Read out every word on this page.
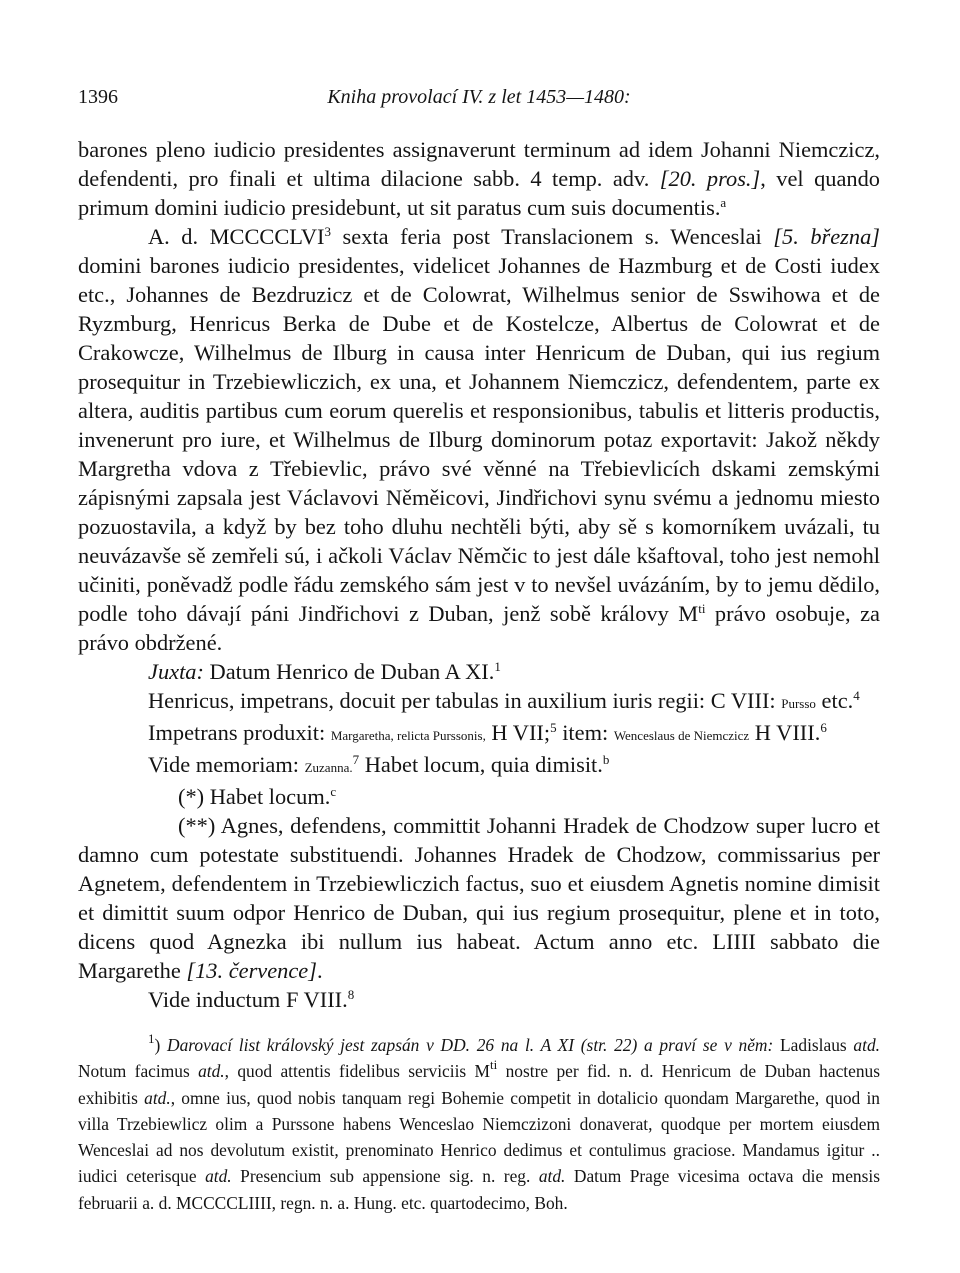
1396	Kniha provolací IV. z let 1453—1480:

barones pleno iudicio presidentes assignaverunt terminum ad idem Johanni Niemczicz, defendenti, pro finali et ultima dilacione sabb. 4 temp. adv. [20. pros.], vel quando primum domini iudicio presidebunt, ut sit paratus cum suis documentis.$^a$

A. d. MCCCCLVI$^3$ sexta feria post Translacionem s. Wenceslai [5. března] domini barones iudicio presidentes, videlicet Johannes de Hazmburg et de Costi iudex etc., Johannes de Bezdruzicz et de Colowrat, Wilhelmus senior de Sswihowa et de Ryzmburg, Henricus Berka de Dube et de Kostelcze, Albertus de Colowrat et de Crakowcze, Wilhelmus de Ilburg in causa inter Henricum de Duban, qui ius regium prosequitur in Trzebiewliczich, ex una, et Johannem Niemczicz, defendentem, parte ex altera, auditis partibus cum eorum querelis et responsionibus, tabulis et litteris productis, invenerunt pro iure, et Wilhelmus de Ilburg dominorum potaz exportavit: Jakož někdy Margretha vdova z Třebievlic, právo své věnné na Třebievlicích dskami zemskými zápisnými zapsala jest Václavovi Něměicovi, Jindřichovi synu svému a jednomu miesto pozuostavila, a když by bez toho dluhu nechtěli býti, aby sě s komorníkem uvázali, tu neuvázavše sě zemřeli sú, i ačkoli Václav Němčic to jest dále kšaftoval, toho jest nemohl učiniti, poněvadž podle řádu zemského sám jest v to nevšel uvázáním, by to jemu dědilo, podle toho dávají páni Jindřichovi z Duban, jenž sobě královy $M^{ti}$ právo osobuje, za právo obdržené.

Juxta: Datum Henrico de Duban A XI.$^1$

Henricus, impetrans, docuit per tabulas in auxilium iuris regii: C VIII: Pursso etc.$^4$

Impetrans produxit: Margaretha, relicta Purssonis, H VII;$^5$ item: Wenceslaus de Niemczicz H VIII.$^6$

Vide memoriam: Zuzanna.$^7$ Habet locum, quia dimisit.$^b$

(*) Habet locum.$^c$

(**) Agnes, defendens, committit Johanni Hradek de Chodzow super lucro et damno cum potestate substituendi. Johannes Hradek de Chodzow, commissarius per Agnetem, defendentem in Trzebiewliczich factus, suo et eiusdem Agnetis nomine dimisit et dimittit suum odpor Henrico de Duban, qui ius regium prosequitur, plene et in toto, dicens quod Agnezka ibi nullum ius habeat. Actum anno etc. LIIII sabbato die Margarethe [13. července].

Vide inductum F VIII.$^8$

$^1$) Darovací list královský jest zapsán v DD. 26 na l. A XI (str. 22) a praví se v něm: Ladislaus atd. Notum facimus atd., quod attentis fidelibus serviciis $M^{ti}$ nostre per fid. n. d. Henricum de Duban hactenus exhibitis atd., omne ius, quod nobis tanquam regi Bohemie competit in dotalicio quondam Margarethe, quod in villa Trzebiewlicz olim a Purssone habens Wenceslao Niemczizoni donaverat, quodque per mortem eiusdem Wenceslai ad nos devolutum existit, prenominato Henrico dedimus et contulimus graciose. Mandamus igitur .. iudici ceterisque atd. Presencium sub appensione sig. n. reg. atd. Datum Prage vicesima octava die mensis februarii a. d. MCCCCLIIII, regn. n. a. Hung. etc. quartodecimo, Boh.
